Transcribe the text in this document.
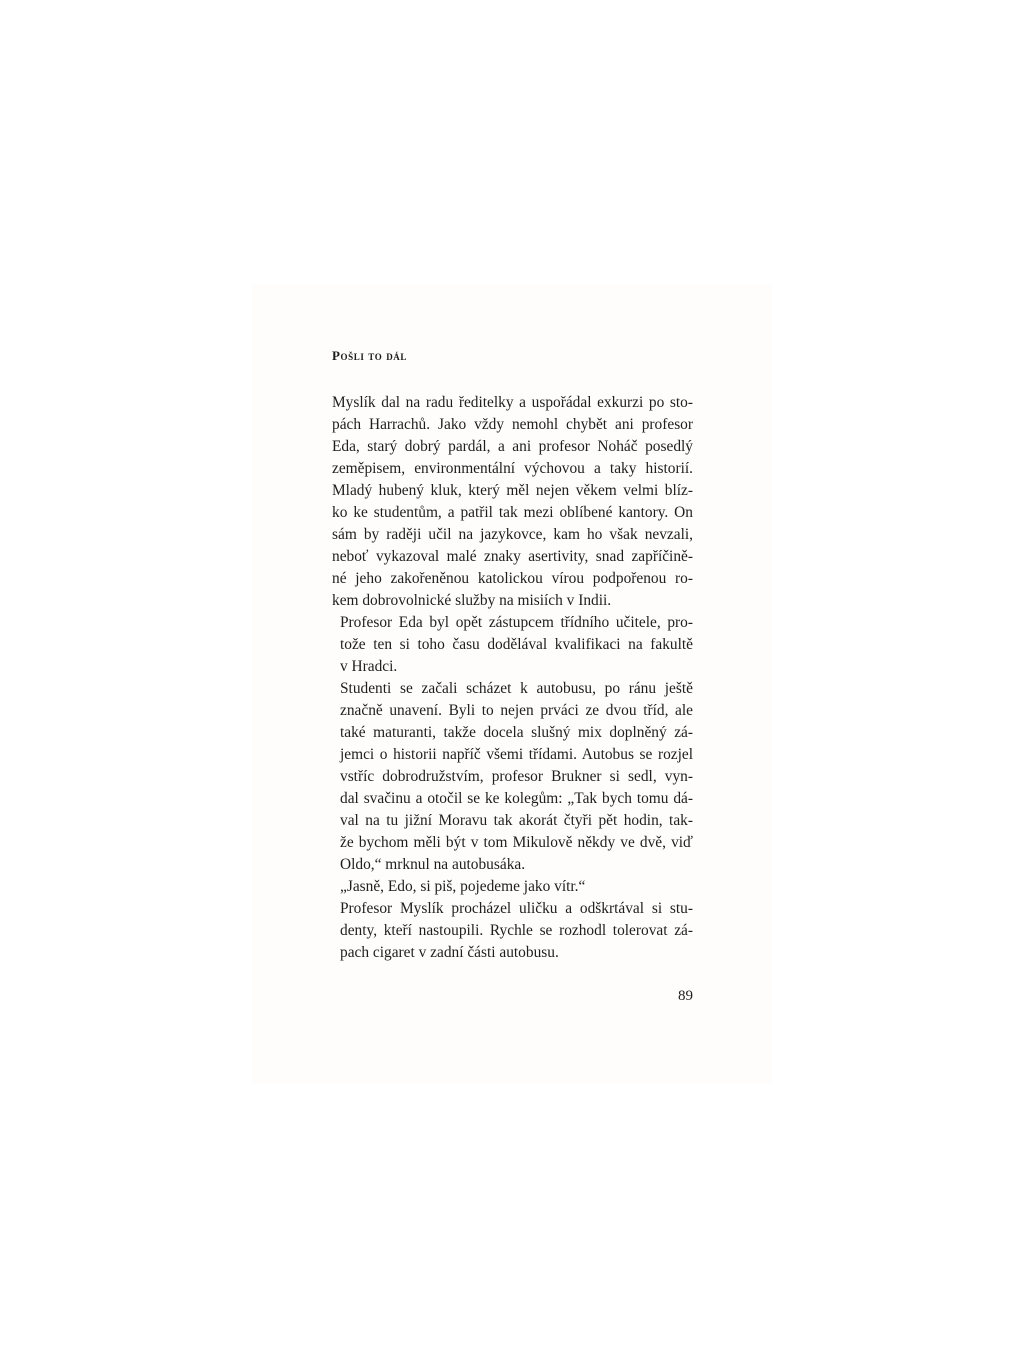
Pošli to dál

Myslík dal na radu ředitelky a uspořádal exkurzi po sto-
pách Harrachů. Jako vždy nemohl chybět ani profesor
Eda, starý dobrý pardál, a ani profesor Noháč posedlý
zeměpisem, environmentální výchovou a taky historií.
Mladý hubený kluk, který měl nejen věkem velmi blíz-
ko ke studentům, a patřil tak mezi oblíbené kantory. On
sám by raději učil na jazykovce, kam ho však nevzali,
neboť vykazoval malé znaky asertivity, snad zapříčině-
né jeho zakořeněnou katolickou vírou podpořenou ro-
kem dobrovolnické služby na misiích v Indii.

Profesor Eda byl opět zástupcem třídního učitele, pro-
tože ten si toho času dodělával kvalifikaci na fakultě
v Hradci.

Studenti se začali scházet k autobusu, po ránu ještě
značně unavení. Byli to nejen prváci ze dvou tříd, ale
také maturanti, takže docela slušný mix doplněný zá-
jemci o historii napříč všemi třídami. Autobus se rozjel
vstříc dobrodružstvím, profesor Brukner si sedl, vyn-
dal svačinu a otočil se ke kolegům: „Tak bych tomu dá-
val na tu jižní Moravu tak akorát čtyři pět hodin, tak-
že bychom měli být v tom Mikulově někdy ve dvě, viď
Oldo,“ mrknul na autobusáka.

„Jasně, Edo, si piš, pojedeme jako vítr.“

Profesor Myslík procházel uličku a odškrtával si stu-
denty, kteří nastoupili. Rychle se rozhodl tolerovat zá-
pach cigaret v zadní části autobusu.

89
